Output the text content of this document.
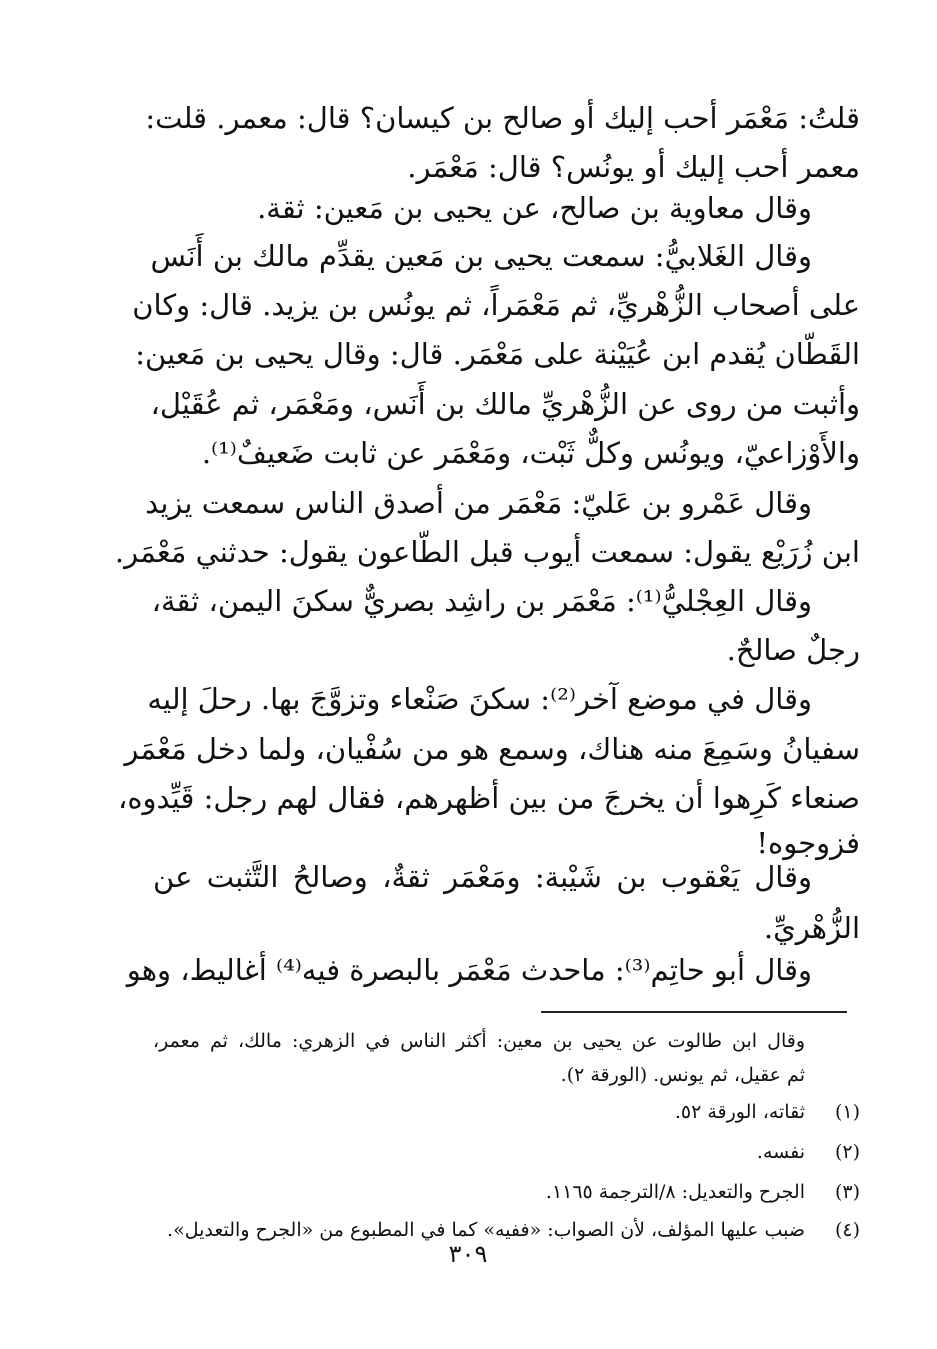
قلتُ: مَعْمَر أحب إليك أو صالح بن كيسان؟ قال: معمر. قلت:
معمر أحب إليك أو يونُس؟ قال: مَعْمَر.
وقال معاوية بن صالح، عن يحيى بن مَعين: ثقة.
وقال الغَلابيُّ: سمعت يحيى بن مَعين يقدِّم مالك بن أَنَس
على أصحاب الزُّهْريِّ، ثم مَعْمَراً، ثم يونُس بن يزيد. قال: وكان
القَطّان يُقدم ابن عُيَيْنة على مَعْمَر. قال: وقال يحيى بن مَعين:
وأثبت من روى عن الزُّهْريِّ مالك بن أَنَس، ومَعْمَر، ثم عُقَيْل،
والأَوْزاعيّ، ويونُس وكلٌّ ثَبْت، ومَعْمَر عن ثابت ضَعيفٌ⁽¹⁾.
وقال عَمْرو بن عَليّ: مَعْمَر من أصدق الناس سمعت يزيد
ابن زُرَيْع يقول: سمعت أيوب قبل الطّاعون يقول: حدثني مَعْمَر.
وقال العِجْليُّ⁽¹⁾: مَعْمَر بن راشِد بصريٌّ سكنَ اليمن، ثقة،
رجلٌ صالحٌ.
وقال في موضع آخر⁽²⁾: سكنَ صَنْعاء وتزوَّجَ بها. رحلَ إليه
سفيانُ وسَمِعَ منه هناك، وسمع هو من سُفْيان، ولما دخل مَعْمَر
صنعاء كَرِهوا أن يخرجَ من بين أظهرهم، فقال لهم رجل: قَيِّدوه،
فزوجوه!
وقال يَعْقوب بن شَيْبة: ومَعْمَر ثقةٌ، وصالحُ التَّثبت عن
الزُّهْريِّ.
وقال أبو حاتِم⁽³⁾: ماحدث مَعْمَر بالبصرة فيه⁽⁴⁾ أغاليط، وهو
وقال ابن طالوت عن يحيى بن معين: أكثر الناس في الزهري: مالك، ثم معمر،
ثم عقيل، ثم يونس. (الورقة ٢).
(١)
ثقاته، الورقة ٥٢.
(٢)
نفسه.
(٣)
الجرح والتعديل: ٨/الترجمة ١١٦٥.
(٤)
ضبب عليها المؤلف، لأن الصواب: «ففيه» كما في المطبوع من «الجرح والتعديل».
٣٠٩
